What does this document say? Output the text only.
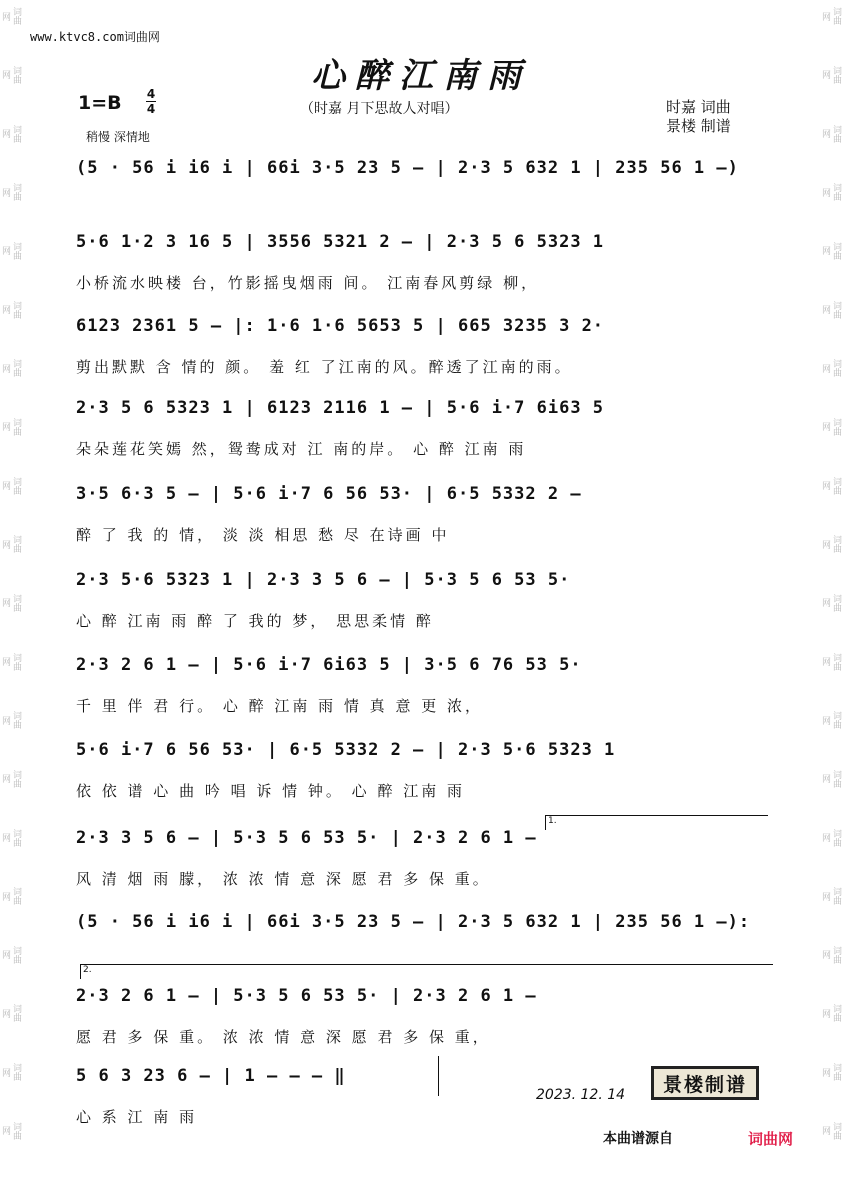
词曲网
词曲网
词曲网
词曲网
词曲网
词曲网
词曲网
词曲网
词曲网
词曲网
词曲网
词曲网
词曲网
词曲网
词曲网
词曲网
词曲网
词曲网
词曲网
词曲网
词曲网
词曲网
词曲网
词曲网
词曲网
词曲网
词曲网
词曲网
词曲网
词曲网
词曲网
词曲网
词曲网
词曲网
词曲网
词曲网
词曲网
词曲网
词曲网
词曲网
www.ktvc8.com词曲网
心醉江南雨
1=B 4
4	（时嘉 月下思故人对唱）
稍慢 深情地
时嘉 词曲
景楼 制谱
(5 · 56 i i6 i | 66i 3·5 23 5 – | 2·3 5 632 1 | 235 56 1 –)
5·6 1·2 3 16 5 | 3556 5321 2 – | 2·3 5 6 5323 1
小桥流水映楼 台，竹影摇曳烟雨 间。 江南春风剪绿 柳，
6123 2361 5 – |: 1·6 1·6 5653 5 | 665 3235 3 2·
剪出默默 含 情的 颜。 羞 红 了江南的风。醉透了江南的雨。
2·3 5 6 5323 1 | 6123 2116 1 – | 5·6 i·7 6i63 5
朵朵莲花笑嫣 然，鸳鸯成对 江 南的岸。 心 醉 江南 雨
3·5 6·3 5 – | 5·6 i·7 6 56 53· | 6·5 5332 2 –
醉 了 我 的 情， 淡 淡 相思 愁 尽 在诗画 中
2·3 5·6 5323 1 | 2·3 3 5 6 – | 5·3 5 6 53 5·
心 醉 江南 雨 醉 了 我的 梦， 思思柔情 醉
2·3 2 6 1 – | 5·6 i·7 6i63 5 | 3·5 6 76 53 5·
千 里 伴 君 行。 心 醉 江南 雨 情 真 意 更 浓，
5·6 i·7 6 56 53· | 6·5 5332 2 – | 2·3 5·6 5323 1
依 依 谱 心 曲 吟 唱 诉 情 钟。 心 醉 江南 雨
2·3 3 5 6 – | 5·3 5 6 53 5· | 2·3 2 6 1 –
风 清 烟 雨 朦， 浓 浓 情 意 深 愿 君 多 保 重。
(5 · 56 i i6 i | 66i 3·5 23 5 – | 2·3 5 632 1 | 235 56 1 –):
2·3 2 6 1 – | 5·3 5 6 53 5· | 2·3 2 6 1 –
愿 君 多 保 重。 浓 浓 情 意 深 愿 君 多 保 重，
5 6 3 23 6 – | 1 – – – ‖
心 系 江 南 雨
2023. 12. 14	景楼制谱
本曲谱源自	词曲网
1.
2.
